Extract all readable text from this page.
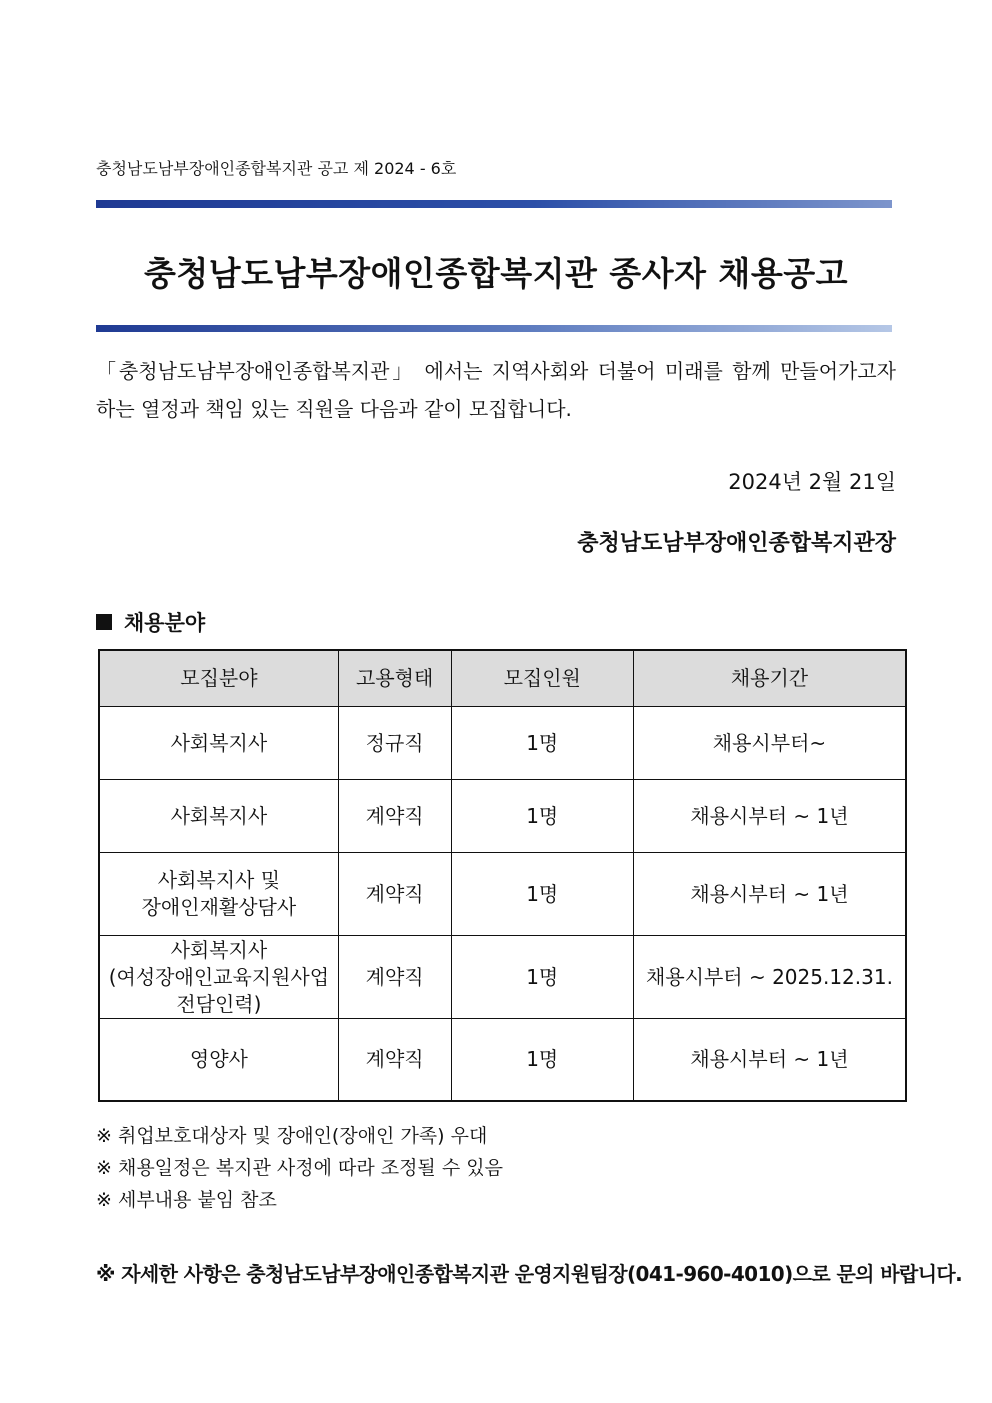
충청남도남부장애인종합복지관 공고 제 2024 - 6호
충청남도남부장애인종합복지관 종사자 채용공고

「충청남도남부장애인종합복지관」 에서는 지역사회와 더불어 미래를 함께 만들어가고자

하는 열정과 책임 있는 직원을 다음과 같이 모집합니다.

2024년 2월 21일
충청남도남부장애인종합복지관장
채용분야
모집분야	고용형태	모집인원	채용기간

사회복지사	정규직	1명	채용시부터~

사회복지사	계약직	1명	채용시부터 ~ 1년

사회복지사 및
장애인재활상담사	계약직	1명	채용시부터 ~ 1년

사회복지사
(여성장애인교육지원사업
전담인력)	계약직	1명	채용시부터 ~ 2025.12.31.

영양사	계약직	1명	채용시부터 ~ 1년

※ 취업보호대상자 및 장애인(장애인 가족) 우대

※ 채용일정은 복지관 사정에 따라 조정될 수 있음

※ 세부내용 붙임 참조

※ 자세한 사항은 충청남도남부장애인종합복지관 운영지원팀장(041-960-4010)으로 문의 바랍니다.
